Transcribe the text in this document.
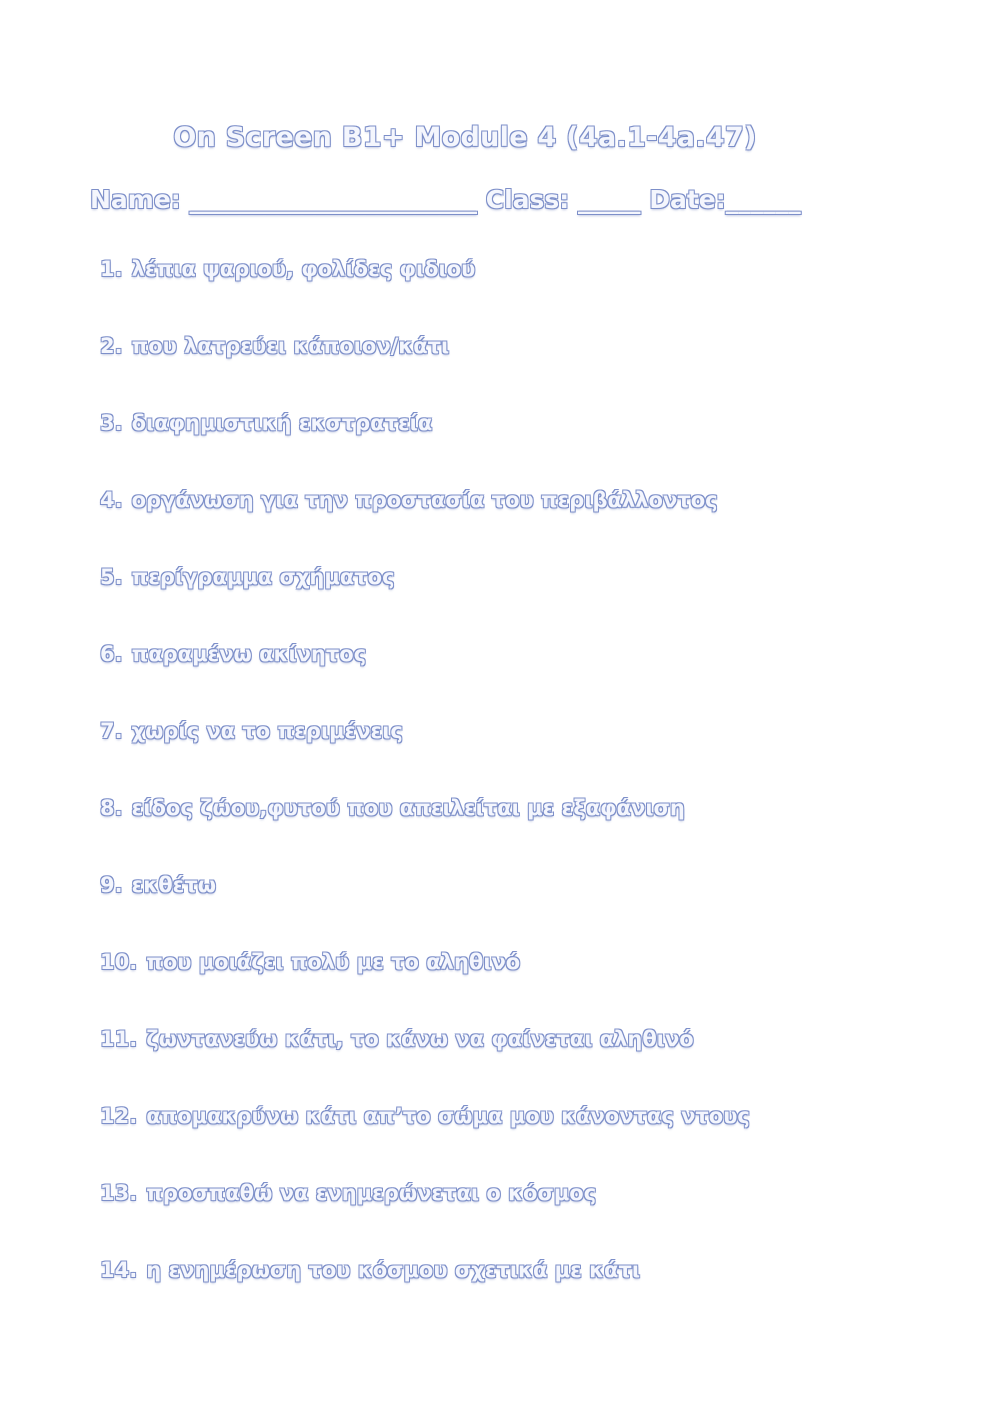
On Screen B1+ Module 4 (4a.1-4a.47)
Name: _______________________ Class: _____ Date:______
1. λέπια ψαριού, φολίδες φιδιού
2. που λατρεύει κάποιον/κάτι
3. διαφημιστική εκστρατεία
4. οργάνωση για την προστασία του περιβάλλοντος
5. περίγραμμα σχήματος
6. παραμένω ακίνητος
7. χωρίς να το περιμένεις
8. είδος ζώου,φυτού που απειλείται με εξαφάνιση
9. εκθέτω
10. που μοιάζει πολύ με το αληθινό
11. ζωντανεύω κάτι, το κάνω να φαίνεται αληθινό
12. απομακρύνω κάτι απ’το σώμα μου κάνοντας ντους
13. προσπαθώ να ενημερώνεται ο κόσμος
14. η ενημέρωση του κόσμου σχετικά με κάτι
